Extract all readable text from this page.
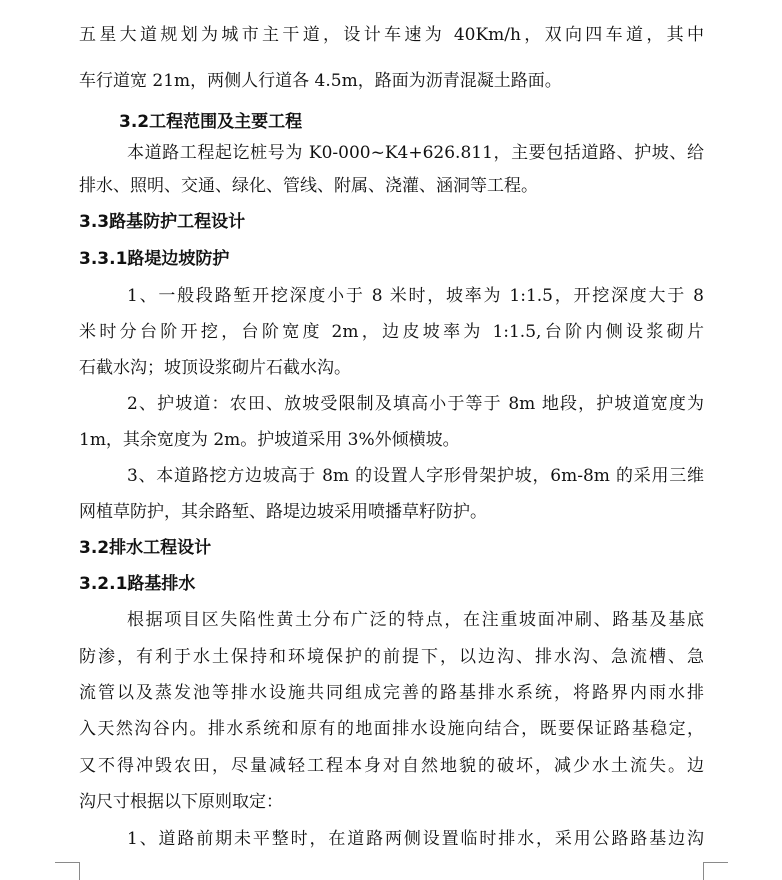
五星大道规划为城市主干道，设计车速为 40Km/h，双向四车道，其中
车行道宽 21m，两侧人行道各 4.5m，路面为沥青混凝土路面。
3.2工程范围及主要工程
本道路工程起讫桩号为 K0-000~K4+626.811，主要包括道路、护坡、给
排水、照明、交通、绿化、管线、附属、浇灌、涵洞等工程。
3.3路基防护工程设计
3.3.1路堤边坡防护
1、一般段路堑开挖深度小于 8 米时，坡率为 1:1.5，开挖深度大于 8
米时分台阶开挖，台阶宽度 2m，边皮坡率为 1:1.5,台阶内侧设浆砌片
石截水沟；坡顶设浆砌片石截水沟。
2、护坡道：农田、放坡受限制及填高小于等于 8m 地段，护坡道宽度为
1m，其余宽度为 2m。护坡道采用 3%外倾横坡。
3、本道路挖方边坡高于 8m 的设置人字形骨架护坡，6m-8m 的采用三维
网植草防护，其余路堑、路堤边坡采用喷播草籽防护。
3.2排水工程设计
3.2.1路基排水
根据项目区失陷性黄土分布广泛的特点，在注重坡面冲刷、路基及基底
防渗，有利于水土保持和环境保护的前提下，以边沟、排水沟、急流槽、急
流管以及蒸发池等排水设施共同组成完善的路基排水系统，将路界内雨水排
入天然沟谷内。排水系统和原有的地面排水设施向结合，既要保证路基稳定，
又不得冲毁农田，尽量减轻工程本身对自然地貌的破坏，减少水土流失。边
沟尺寸根据以下原则取定：
1、道路前期未平整时，在道路两侧设置临时排水，采用公路路基边沟
